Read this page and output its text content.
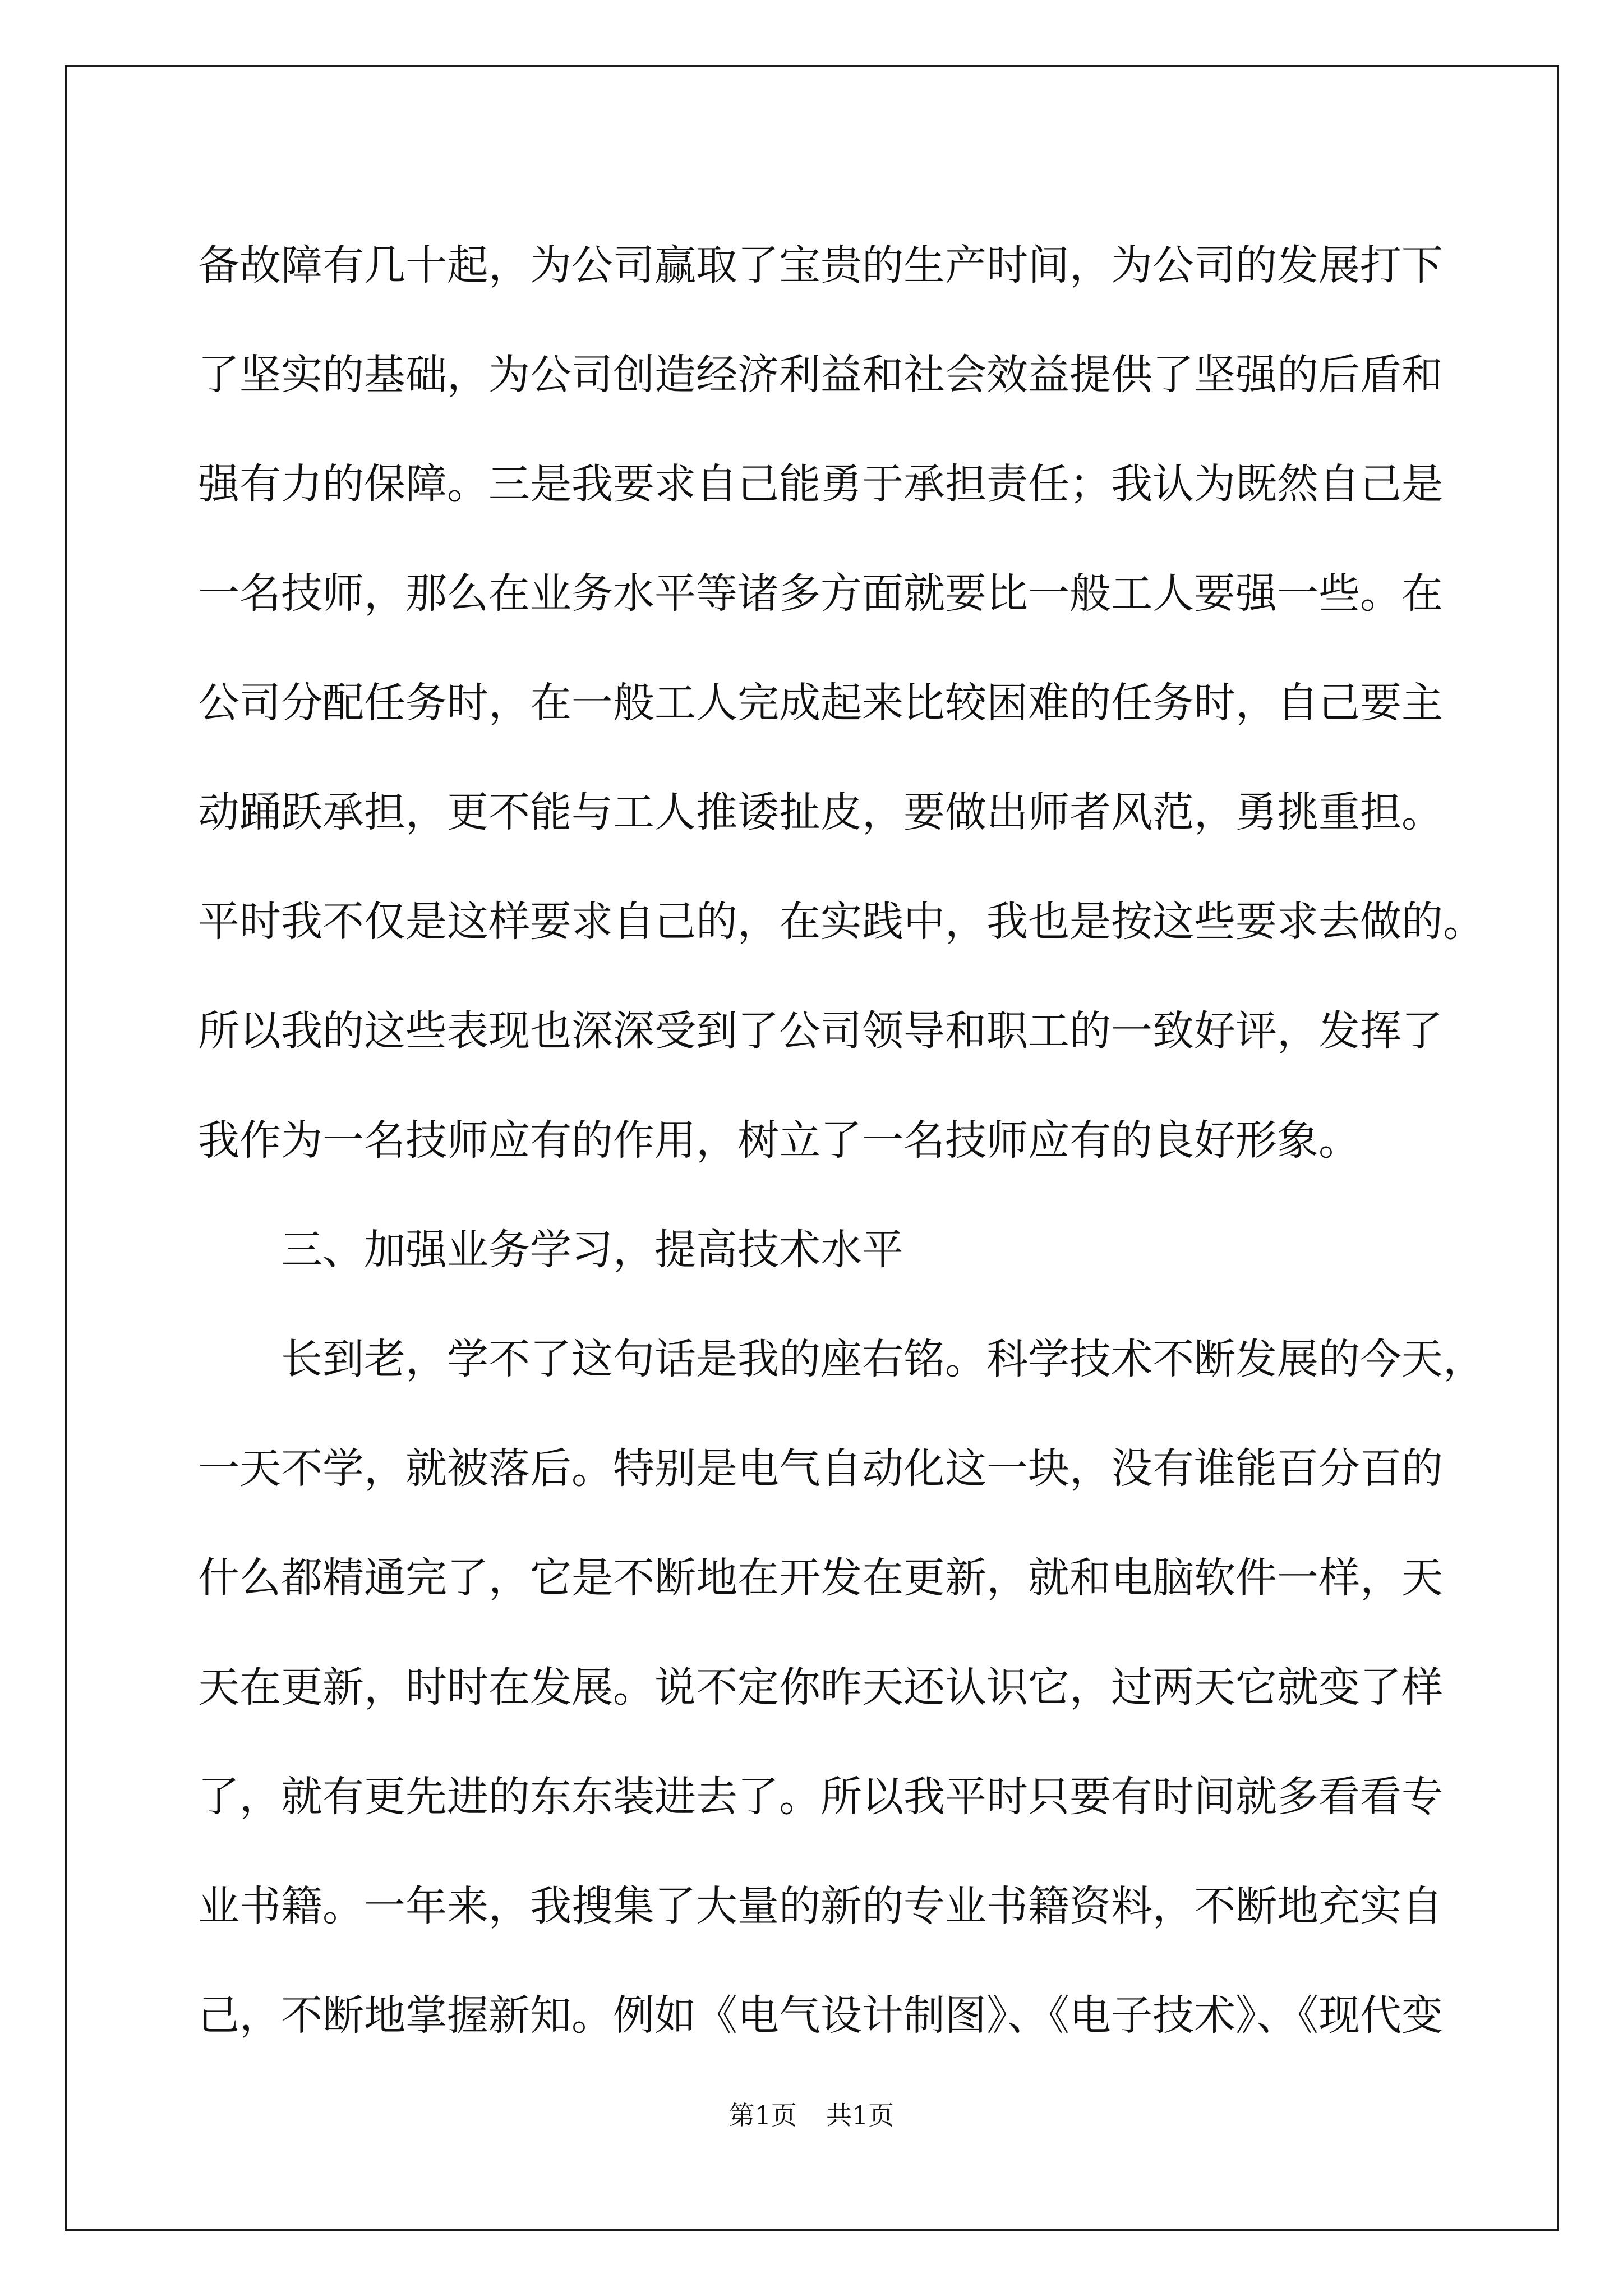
备故障有几十起，为公司赢取了宝贵的生产时间，为公司的发展打下
了坚实的基础，为公司创造经济利益和社会效益提供了坚强的后盾和
强有力的保障。三是我要求自己能勇于承担责任；我认为既然自己是
一名技师，那么在业务水平等诸多方面就要比一般工人要强一些。在
公司分配任务时，在一般工人完成起来比较困难的任务时，自己要主
动踊跃承担，更不能与工人推诿扯皮，要做出师者风范，勇挑重担。
平时我不仅是这样要求自己的，在实践中，我也是按这些要求去做的。
所以我的这些表现也深深受到了公司领导和职工的一致好评，发挥了
我作为一名技师应有的作用，树立了一名技师应有的良好形象。
三、加强业务学习，提高技术水平
长到老，学不了这句话是我的座右铭。科学技术不断发展的今天，
一天不学，就被落后。特别是电气自动化这一块，没有谁能百分百的
什么都精通完了，它是不断地在开发在更新，就和电脑软件一样，天
天在更新，时时在发展。说不定你昨天还认识它，过两天它就变了样
了，就有更先进的东东装进去了。所以我平时只要有时间就多看看专
业书籍。一年来，我搜集了大量的新的专业书籍资料，不断地充实自
己，不断地掌握新知。例如《电气设计制图》、《电子技术》、《现代变
第1页 共1页
